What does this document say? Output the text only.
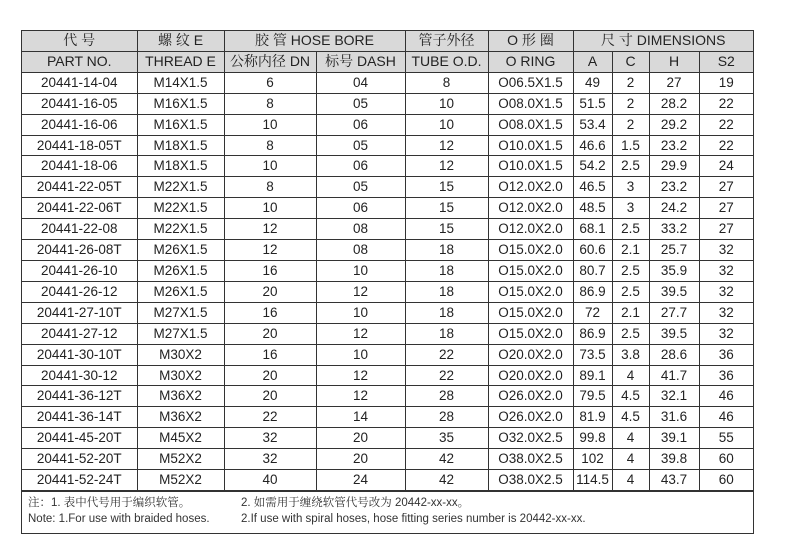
代 号	螺 纹 E	胶 管 HOSE BORE		管子外径	O 形 圈	尺 寸 DIMENSIONS			
PART NO.	THREAD E	公称内径 DN	标号 DASH	TUBE O.D.	O RING	A	C	H	S2
20441-14-04	M14X1.5	6	04	8	O06.5X1.5	49	2	27	19
20441-16-05	M16X1.5	8	05	10	O08.0X1.5	51.5	2	28.2	22
20441-16-06	M16X1.5	10	06	10	O08.0X1.5	53.4	2	29.2	22
20441-18-05T	M18X1.5	8	05	12	O10.0X1.5	46.6	1.5	23.2	22
20441-18-06	M18X1.5	10	06	12	O10.0X1.5	54.2	2.5	29.9	24
20441-22-05T	M22X1.5	8	05	15	O12.0X2.0	46.5	3	23.2	27
20441-22-06T	M22X1.5	10	06	15	O12.0X2.0	48.5	3	24.2	27
20441-22-08	M22X1.5	12	08	15	O12.0X2.0	68.1	2.5	33.2	27
20441-26-08T	M26X1.5	12	08	18	O15.0X2.0	60.6	2.1	25.7	32
20441-26-10	M26X1.5	16	10	18	O15.0X2.0	80.7	2.5	35.9	32
20441-26-12	M26X1.5	20	12	18	O15.0X2.0	86.9	2.5	39.5	32
20441-27-10T	M27X1.5	16	10	18	O15.0X2.0	72	2.1	27.7	32
20441-27-12	M27X1.5	20	12	18	O15.0X2.0	86.9	2.5	39.5	32
20441-30-10T	M30X2	16	10	22	O20.0X2.0	73.5	3.8	28.6	36
20441-30-12	M30X2	20	12	22	O20.0X2.0	89.1	4	41.7	36
20441-36-12T	M36X2	20	12	28	O26.0X2.0	79.5	4.5	32.1	46
20441-36-14T	M36X2	22	14	28	O26.0X2.0	81.9	4.5	31.6	46
20441-45-20T	M45X2	32	20	35	O32.0X2.5	99.8	4	39.1	55
20441-52-20T	M52X2	32	20	42	O38.0X2.5	102	4	39.8	60
20441-52-24T	M52X2	40	24	42	O38.0X2.5	114.5	4	43.7	60
注：1. 表中代号用于编织软管。	2. 如需用于缠绕软管代号改为 20442-xx-xx。
Note: 1.For use with braided hoses.	2.If use with spiral hoses, hose fitting series number is 20442-xx-xx.
